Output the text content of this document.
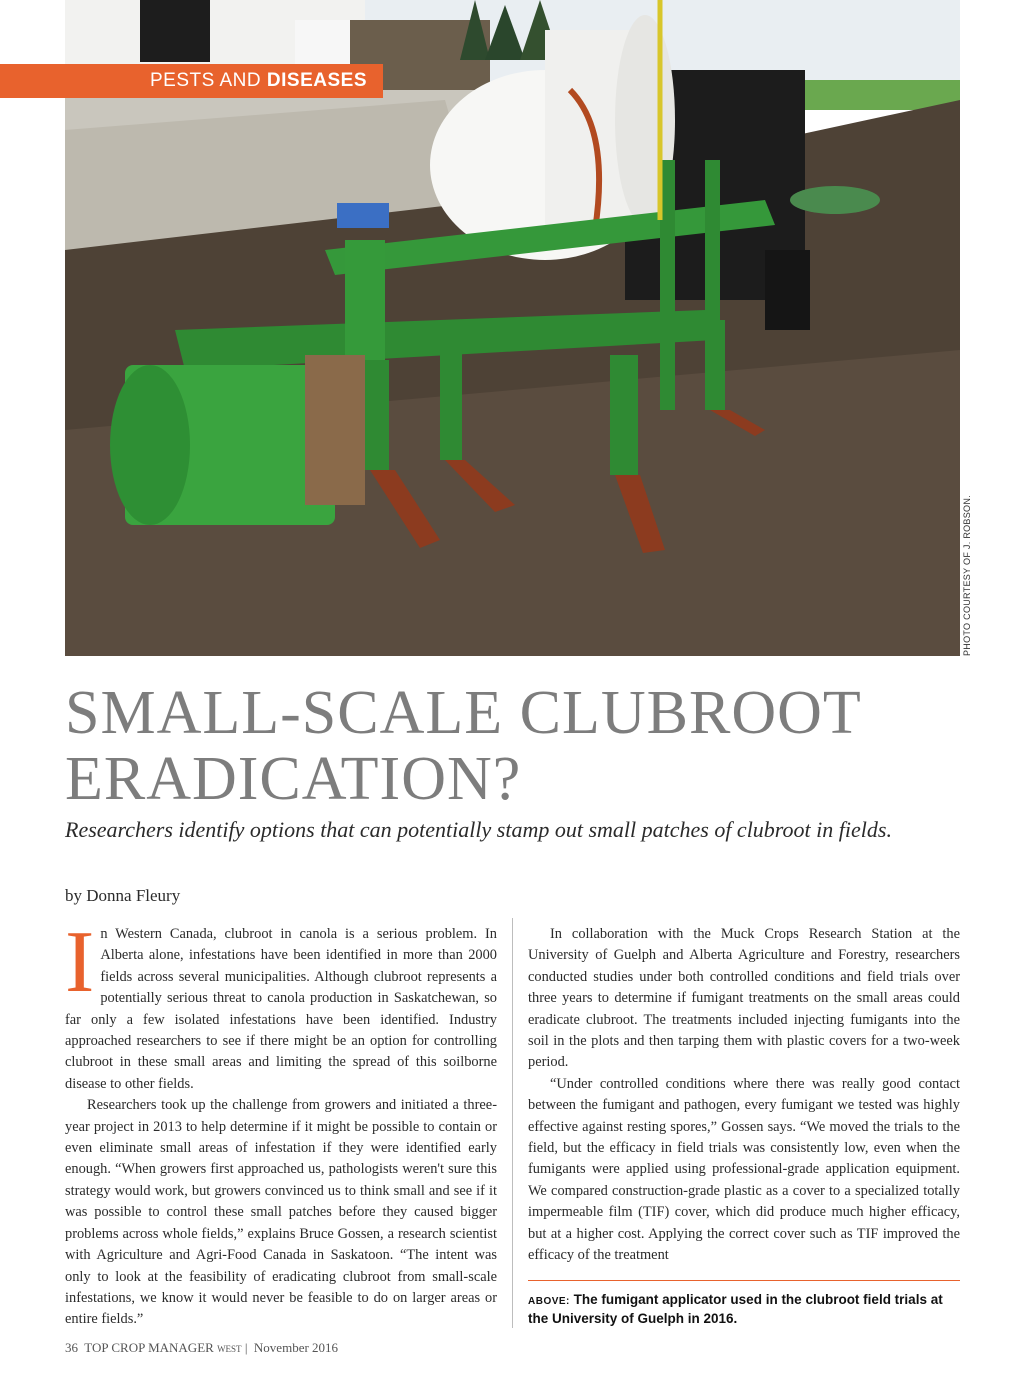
PESTS AND DISEASES
PHOTO COURTESY OF J. ROBSON.
SMALL-SCALE CLUBROOT ERADICATION?

Researchers identify options that can potentially stamp out small patches of clubroot in fields.

by Donna Fleury

In Western Canada, clubroot in canola is a serious problem. In Alberta alone, infestations have been identified in more than 2000 fields across several municipalities. Although clubroot represents a potentially serious threat to canola production in Saskatchewan, so far only a few isolated infestations have been identified. Industry approached researchers to see if there might be an option for controlling clubroot in these small areas and limiting the spread of this soilborne disease to other fields.

Researchers took up the challenge from growers and initiated a three-year project in 2013 to help determine if it might be possible to contain or even eliminate small areas of infestation if they were identified early enough. “When growers first approached us, pathologists weren't sure this strategy would work, but growers convinced us to think small and see if it was possible to control these small patches before they caused bigger problems across whole fields,” explains Bruce Gossen, a research scientist with Agriculture and Agri-Food Canada in Saskatoon. “The intent was only to look at the feasibility of eradicating clubroot from small-scale infestations, we know it would never be feasible to do on larger areas or entire fields.”

In collaboration with the Muck Crops Research Station at the University of Guelph and Alberta Agriculture and Forestry, researchers conducted studies under both controlled conditions and field trials over three years to determine if fumigant treatments on the small areas could eradicate clubroot. The treatments included injecting fumigants into the soil in the plots and then tarping them with plastic covers for a two-week period.

“Under controlled conditions where there was really good contact between the fumigant and pathogen, every fumigant we tested was highly effective against resting spores,” Gossen says. “We moved the trials to the field, but the efficacy in field trials was consistently low, even when the fumigants were applied using professional-grade application equipment. We compared construction-grade plastic as a cover to a specialized totally impermeable film (TIF) cover, which did produce much higher efficacy, but at a higher cost. Applying the correct cover such as TIF improved the efficacy of the treatment

ABOVE: The fumigant applicator used in the clubroot field trials at the University of Guelph in 2016.
36 TOP CROP MANAGER WEST | November 2016
